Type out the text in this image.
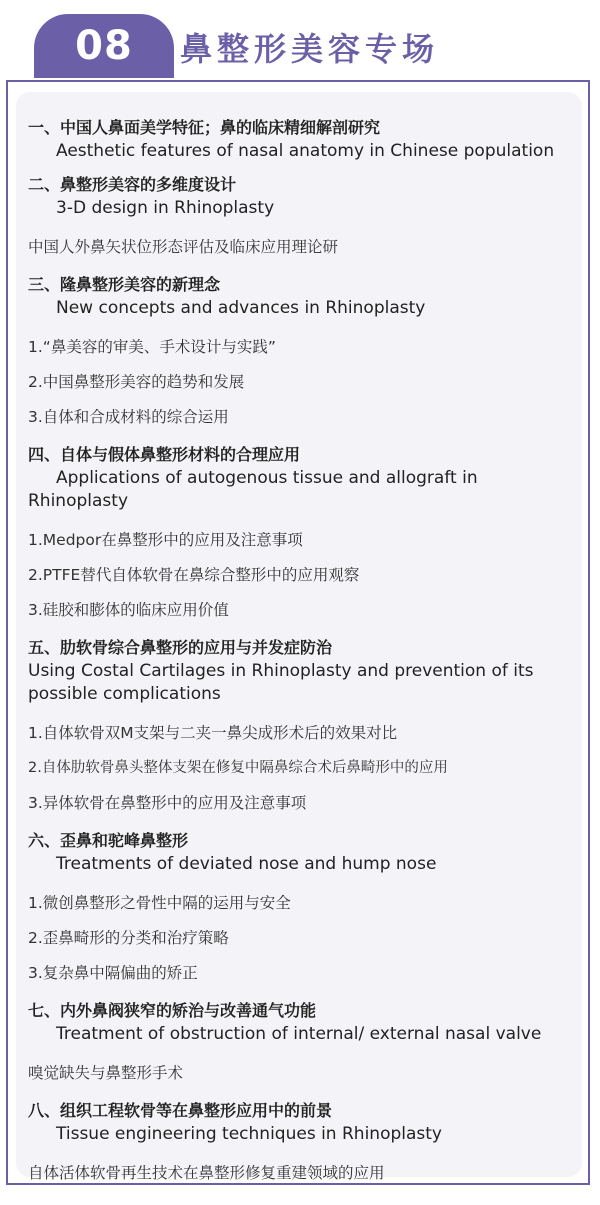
08 鼻整形美容专场

一、中国人鼻面美学特征；鼻的临床精细解剖研究

Aesthetic features of nasal anatomy in Chinese population

二、鼻整形美容的多维度设计

3-D design in Rhinoplasty

中国人外鼻矢状位形态评估及临床应用理论研

三、隆鼻整形美容的新理念

New concepts and advances in Rhinoplasty

1.“鼻美容的审美、手术设计与实践”

2.中国鼻整形美容的趋势和发展

3.自体和合成材料的综合运用

四、自体与假体鼻整形材料的合理应用

Applications of autogenous tissue and allograft in Rhinoplasty

1.Medpor在鼻整形中的应用及注意事项

2.PTFE替代自体软骨在鼻综合整形中的应用观察

3.硅胶和膨体的临床应用价值

五、肋软骨综合鼻整形的应用与并发症防治

Using Costal Cartilages in Rhinoplasty and prevention of its possible complications

1.自体软骨双M支架与二夹一鼻尖成形术后的效果对比

2.自体肋软骨鼻头整体支架在修复中隔鼻综合术后鼻畸形中的应用

3.异体软骨在鼻整形中的应用及注意事项

六、歪鼻和驼峰鼻整形

Treatments of deviated nose and hump nose

1.微创鼻整形之骨性中隔的运用与安全

2.歪鼻畸形的分类和治疗策略

3.复杂鼻中隔偏曲的矫正

七、内外鼻阀狭窄的矫治与改善通气功能

Treatment of obstruction of internal/ external nasal valve

嗅觉缺失与鼻整形手术

八、组织工程软骨等在鼻整形应用中的前景

Tissue engineering techniques in Rhinoplasty

自体活体软骨再生技术在鼻整形修复重建领域的应用
